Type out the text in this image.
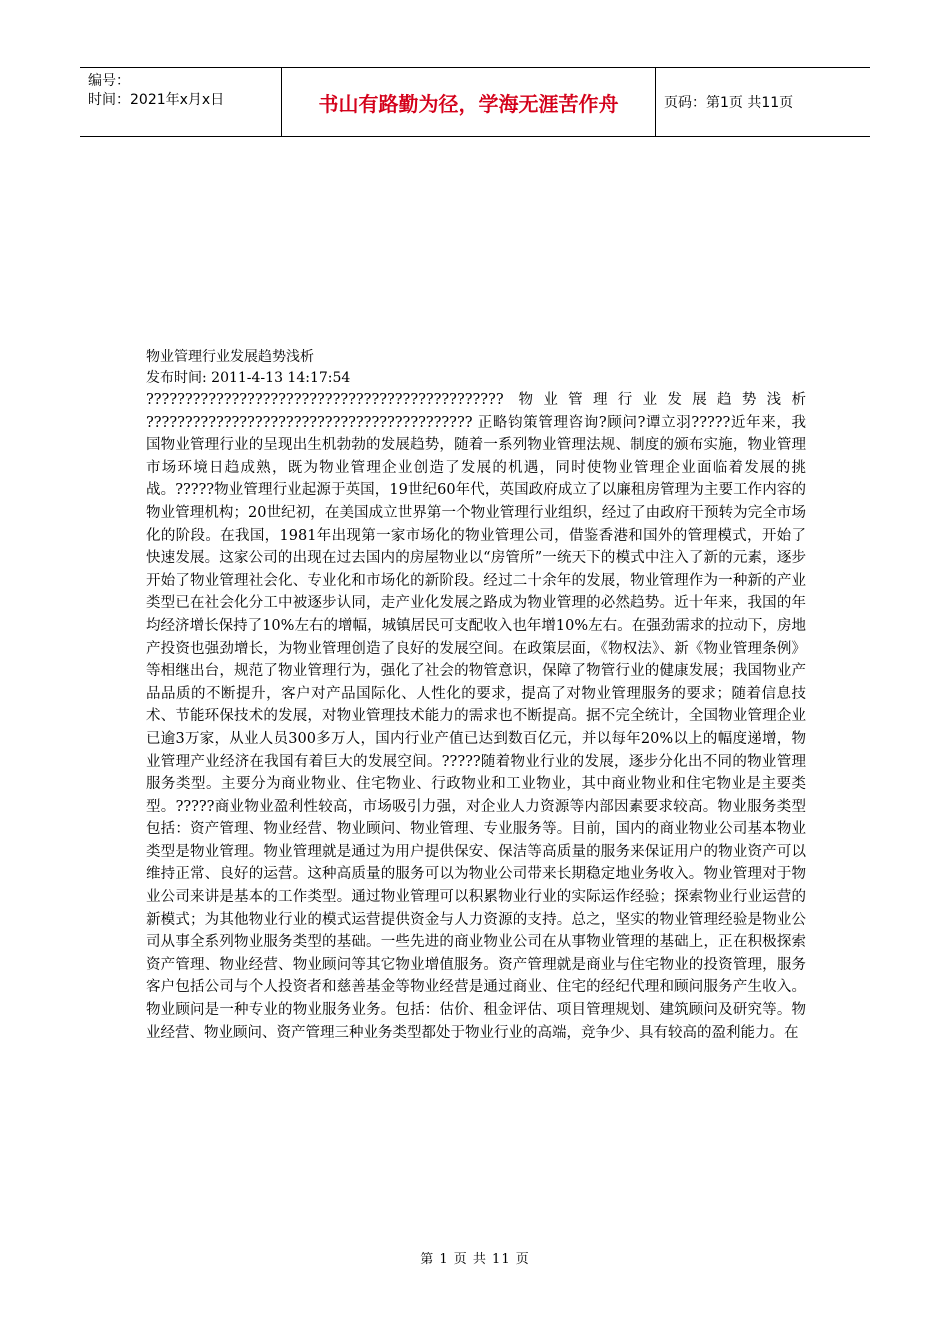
编号：
时间：2021年x月x日	书山有路勤为径，学海无涯苦作舟	页码：第1页 共11页
物业管理行业发展趋势浅析
发布时间: 2011-4-13 14:17:54
?????????????????????????????????????????????? 物业管理行业发展趋势浅析 ?????????????????????????????????????????? 正略钧策管理咨询?顾问?谭立羽?????近年来，我国物业管理行业的呈现出生机勃勃的发展趋势，随着一系列物业管理法规、制度的颁布实施，物业管理市场环境日趋成熟，既为物业管理企业创造了发展的机遇，同时使物业管理企业面临着发展的挑战。?????物业管理行业起源于英国，19世纪60年代，英国政府成立了以廉租房管理为主要工作内容的物业管理机构；20世纪初，在美国成立世界第一个物业管理行业组织，经过了由政府干预转为完全市场化的阶段。在我国，1981年出现第一家市场化的物业管理公司，借鉴香港和国外的管理模式，开始了快速发展。这家公司的出现在过去国内的房屋物业以“房管所”一统天下的模式中注入了新的元素，逐步开始了物业管理社会化、专业化和市场化的新阶段。经过二十余年的发展，物业管理作为一种新的产业类型已在社会化分工中被逐步认同，走产业化发展之路成为物业管理的必然趋势。近十年来，我国的年均经济增长保持了10%左右的增幅，城镇居民可支配收入也年增10%左右。在强劲需求的拉动下，房地产投资也强劲增长，为物业管理创造了良好的发展空间。在政策层面，《物权法》、新《物业管理条例》等相继出台，规范了物业管理行为，强化了社会的物管意识，保障了物管行业的健康发展；我国物业产品品质的不断提升，客户对产品国际化、人性化的要求，提高了对物业管理服务的要求；随着信息技术、节能环保技术的发展，对物业管理技术能力的需求也不断提高。据不完全统计，全国物业管理企业已逾3万家，从业人员300多万人，国内行业产值已达到数百亿元，并以每年20%以上的幅度递增，物业管理产业经济在我国有着巨大的发展空间。?????随着物业行业的发展，逐步分化出不同的物业管理服务类型。主要分为商业物业、住宅物业、行政物业和工业物业，其中商业物业和住宅物业是主要类型。?????商业物业盈利性较高，市场吸引力强，对企业人力资源等内部因素要求较高。物业服务类型包括：资产管理、物业经营、物业顾问、物业管理、专业服务等。目前，国内的商业物业公司基本物业类型是物业管理。物业管理就是通过为用户提供保安、保洁等高质量的服务来保证用户的物业资产可以维持正常、良好的运营。这种高质量的服务可以为物业公司带来长期稳定地业务收入。物业管理对于物业公司来讲是基本的工作类型。通过物业管理可以积累物业行业的实际运作经验；探索物业行业运营的新模式；为其他物业行业的模式运营提供资金与人力资源的支持。总之，坚实的物业管理经验是物业公司从事全系列物业服务类型的基础。一些先进的商业物业公司在从事物业管理的基础上，正在积极探索资产管理、物业经营、物业顾问等其它物业增值服务。资产管理就是商业与住宅物业的投资管理，服务客户包括公司与个人投资者和慈善基金等物业经营是通过商业、住宅的经纪代理和顾问服务产生收入。物业顾问是一种专业的物业服务业务。包括：估价、租金评估、项目管理规划、建筑顾问及研究等。物业经营、物业顾问、资产管理三种业务类型都处于物业行业的高端，竞争少、具有较高的盈利能力。在
第 1 页 共 11 页
